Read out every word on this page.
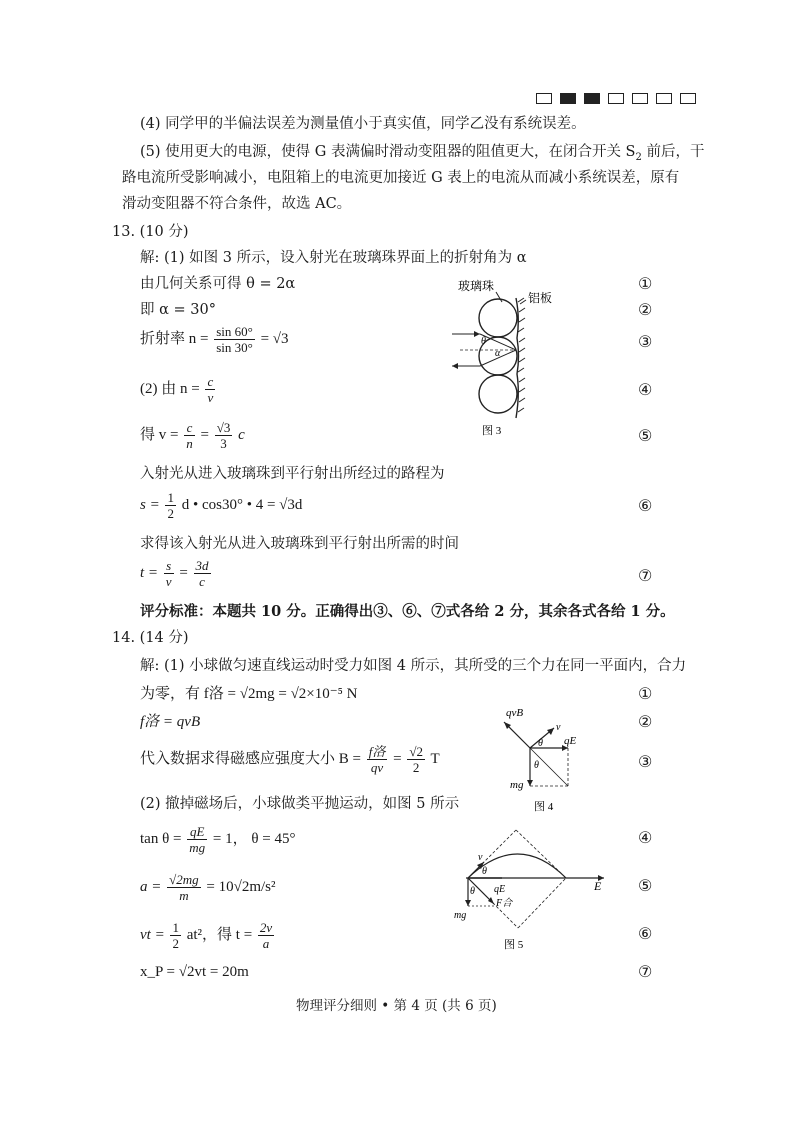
(4) 同学甲的半偏法误差为测量值小于真实值，同学乙没有系统误差。
(5) 使用更大的电源，使得 G 表满偏时滑动变阻器的阻值更大，在闭合开关 $S_2$ 前后，干
路电流所受影响减小，电阻箱上的电流更加接近 G 表上的电流从而减小系统误差，原有
滑动变阻器不符合条件，故选 AC。
13. (10 分)
解: (1) 如图 3 所示，设入射光在玻璃珠界面上的折射角为 α
由几何关系可得 θ = 2α
即 α = 30°
折射率 $n = \frac{\sin 60^\circ}{\sin 30^\circ} = √3$
(2) 由 $n = \frac{c}{v}$
得 $v = \frac{c}{n} = \frac{√3}{3}$ c
入射光从进入玻璃珠到平行射出所经过的路程为
$s = \frac{1}{2}$ d • cos30° • 4 = √3d
求得该入射光从进入玻璃珠到平行射出所需的时间
$t = \frac{s}{v} = \frac{3d}{c}$
评分标准：本题共 10 分。正确得出③、⑥、⑦式各给 2 分，其余各式各给 1 分。
①
②
③
④
⑤
⑥
⑦
玻璃珠
铝板
θ
α
图 3
14. (14 分)
解: (1) 小球做匀速直线运动时受力如图 4 所示，其所受的三个力在同一平面内，合力
为零，有 f洛 = √2mg = √2×10⁻⁵ N
f洛 = qvB
代入数据求得磁感应强度大小 $B = \frac{\text{f洛}}{qv} = \frac{√2}{2}$ T
(2) 撤掉磁场后，小球做类平抛运动，如图 5 所示
$\tan \theta = \frac{qE}{mg} = 1$， θ = 45°
$a = \frac{√2mg}{m} = 10√2m/s^2$
vt = $\frac{1}{2} at^2$，得 $t = \frac{2v}{a}$
x_P = √2vt = 20m
①
②
③
④
⑤
⑥
⑦
qvB
v
qE
mg
θ
θ
图 4
E
v
qE
mg
F合
θ
θ
图 5
物理评分细则 • 第 4 页 (共 6 页)
